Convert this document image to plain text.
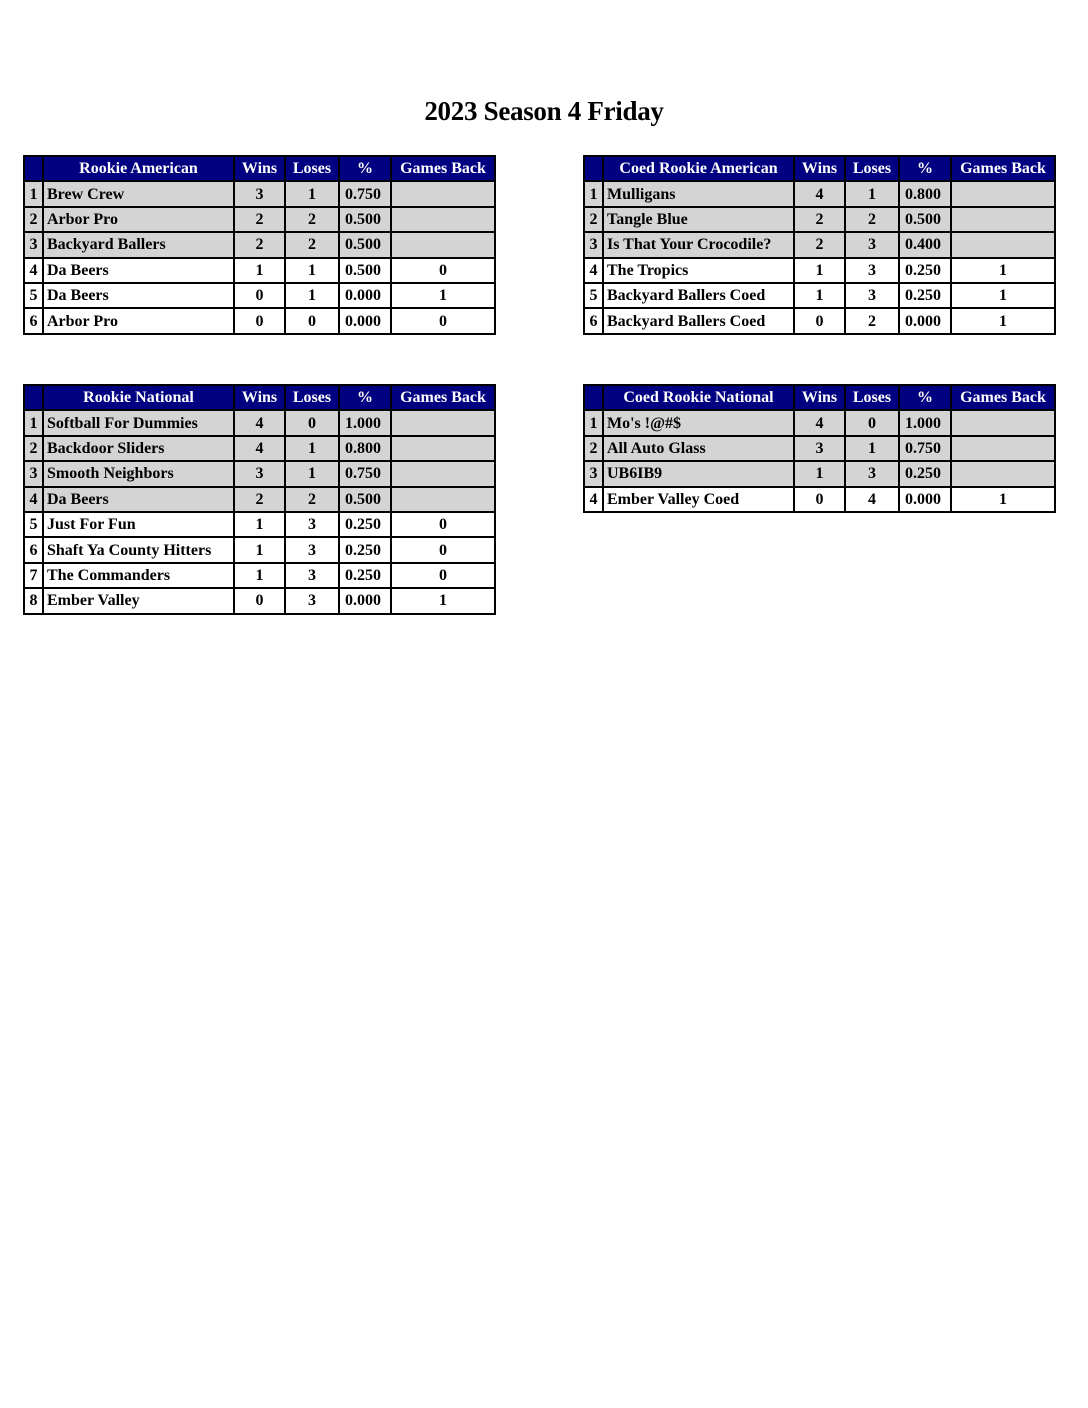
2023 Season 4 Friday
	Rookie American	Wins	Loses	%	Games Back
1	Brew Crew	3	1	0.750	
2	Arbor Pro	2	2	0.500	
3	Backyard Ballers	2	2	0.500	
4	Da Beers	1	1	0.500	0
5	Da Beers	0	1	0.000	1
6	Arbor Pro	0	0	0.000	0
	Coed Rookie American	Wins	Loses	%	Games Back
1	Mulligans	4	1	0.800	
2	Tangle Blue	2	2	0.500	
3	Is That Your Crocodile?	2	3	0.400	
4	The Tropics	1	3	0.250	1
5	Backyard Ballers Coed	1	3	0.250	1
6	Backyard Ballers Coed	0	2	0.000	1
	Rookie National	Wins	Loses	%	Games Back
1	Softball For Dummies	4	0	1.000	
2	Backdoor Sliders	4	1	0.800	
3	Smooth Neighbors	3	1	0.750	
4	Da Beers	2	2	0.500	
5	Just For Fun	1	3	0.250	0
6	Shaft Ya County Hitters	1	3	0.250	0
7	The Commanders	1	3	0.250	0
8	Ember Valley	0	3	0.000	1
	Coed Rookie National	Wins	Loses	%	Games Back
1	Mo's !@#$	4	0	1.000	
2	All Auto Glass	3	1	0.750	
3	UB6IB9	1	3	0.250	
4	Ember Valley Coed	0	4	0.000	1
